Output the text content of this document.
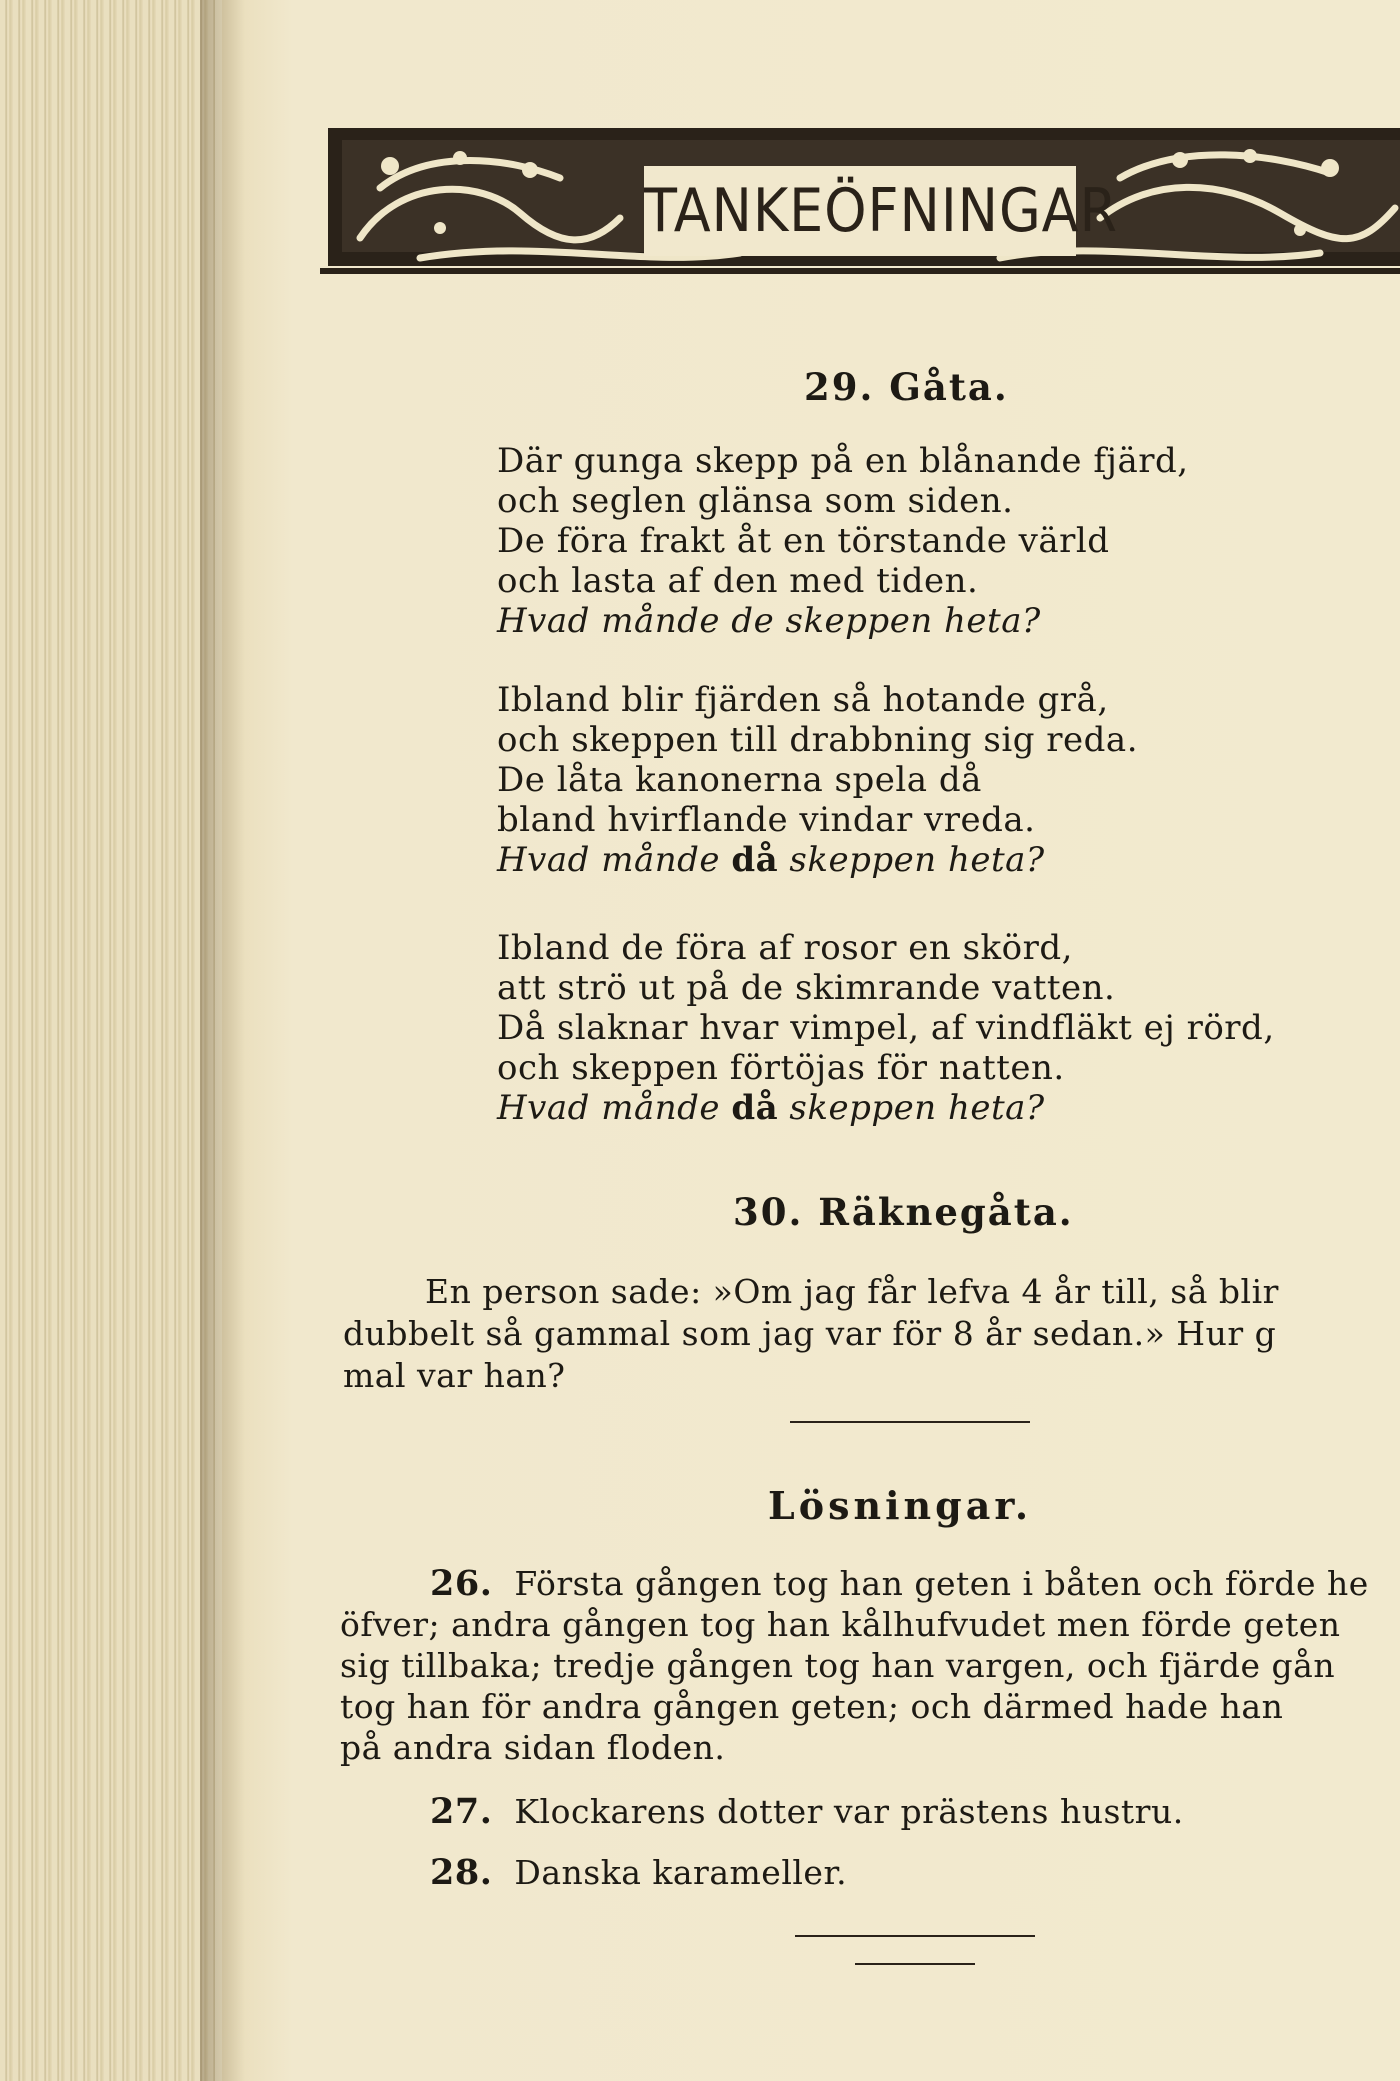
TANKEÖFNINGAR
29. Gåta.
Där gunga skepp på en blånande fjärd,
och seglen glänsa som siden.
De föra frakt åt en törstande värld
och lasta af den med tiden.
Hvad månde de skeppen heta?
Ibland blir fjärden så hotande grå,
och skeppen till drabbning sig reda.
De låta kanonerna spela då
bland hvirflande vindar vreda.
Hvad månde då skeppen heta?
Ibland de föra af rosor en skörd,
att strö ut på de skimrande vatten.
Då slaknar hvar vimpel, af vindfläkt ej rörd,
och skeppen förtöjas för natten.
Hvad månde då skeppen heta?
30. Räknegåta.
En person sade: »Om jag får lefva 4 år till, så blir
dubbelt så gammal som jag var för 8 år sedan.» Hur g
mal var han?
Lösningar.
26. Första gången tog han geten i båten och förde he
öfver; andra gången tog han kålhufvudet men förde geten
sig tillbaka; tredje gången tog han vargen, och fjärde gån
tog han för andra gången geten; och därmed hade han
på andra sidan floden.
27. Klockarens dotter var prästens hustru.
28. Danska karameller.
